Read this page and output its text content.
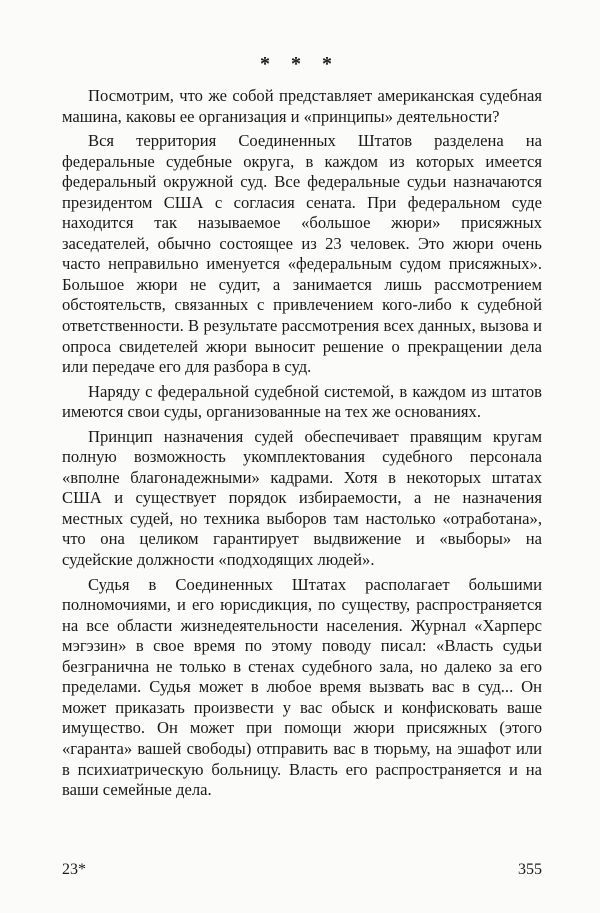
* * *

Посмотрим, что же собой представляет американская судебная машина, каковы ее организация и «принципы» деятельности?

Вся территория Соединенных Штатов разделена на федеральные судебные округа, в каждом из которых имеется федеральный окружной суд. Все федеральные судьи назначаются президентом США с согласия сената. При федеральном суде находится так называемое «большое жюри» присяжных заседателей, обычно состоящее из 23 человек. Это жюри очень часто неправильно именуется «федеральным судом присяжных». Большое жюри не судит, а занимается лишь рассмотрением обстоятельств, связанных с привлечением кого-либо к судебной ответственности. В результате рассмотрения всех данных, вызова и опроса свидетелей жюри выносит решение о прекращении дела или передаче его для разбора в суд.

Наряду с федеральной судебной системой, в каждом из штатов имеются свои суды, организованные на тех же основаниях.

Принцип назначения судей обеспечивает правящим кругам полную возможность укомплектования судебного персонала «вполне благонадежными» кадрами. Хотя в некоторых штатах США и существует порядок избираемости, а не назначения местных судей, но техника выборов там настолько «отработана», что она целиком гарантирует выдвижение и «выборы» на судейские должности «подходящих людей».

Судья в Соединенных Штатах располагает большими полномочиями, и его юрисдикция, по существу, распространяется на все области жизнедеятельности населения. Журнал «Харперс мэгэзин» в свое время по этому поводу писал: «Власть судьи безгранична не только в стенах судебного зала, но далеко за его пределами. Судья может в любое время вызвать вас в суд... Он может приказать произвести у вас обыск и конфисковать ваше имущество. Он может при помощи жюри присяжных (этого «гаранта» вашей свободы) отправить вас в тюрьму, на эшафот или в психиатрическую больницу. Власть его распространяется и на ваши семейные дела.

23*	355
